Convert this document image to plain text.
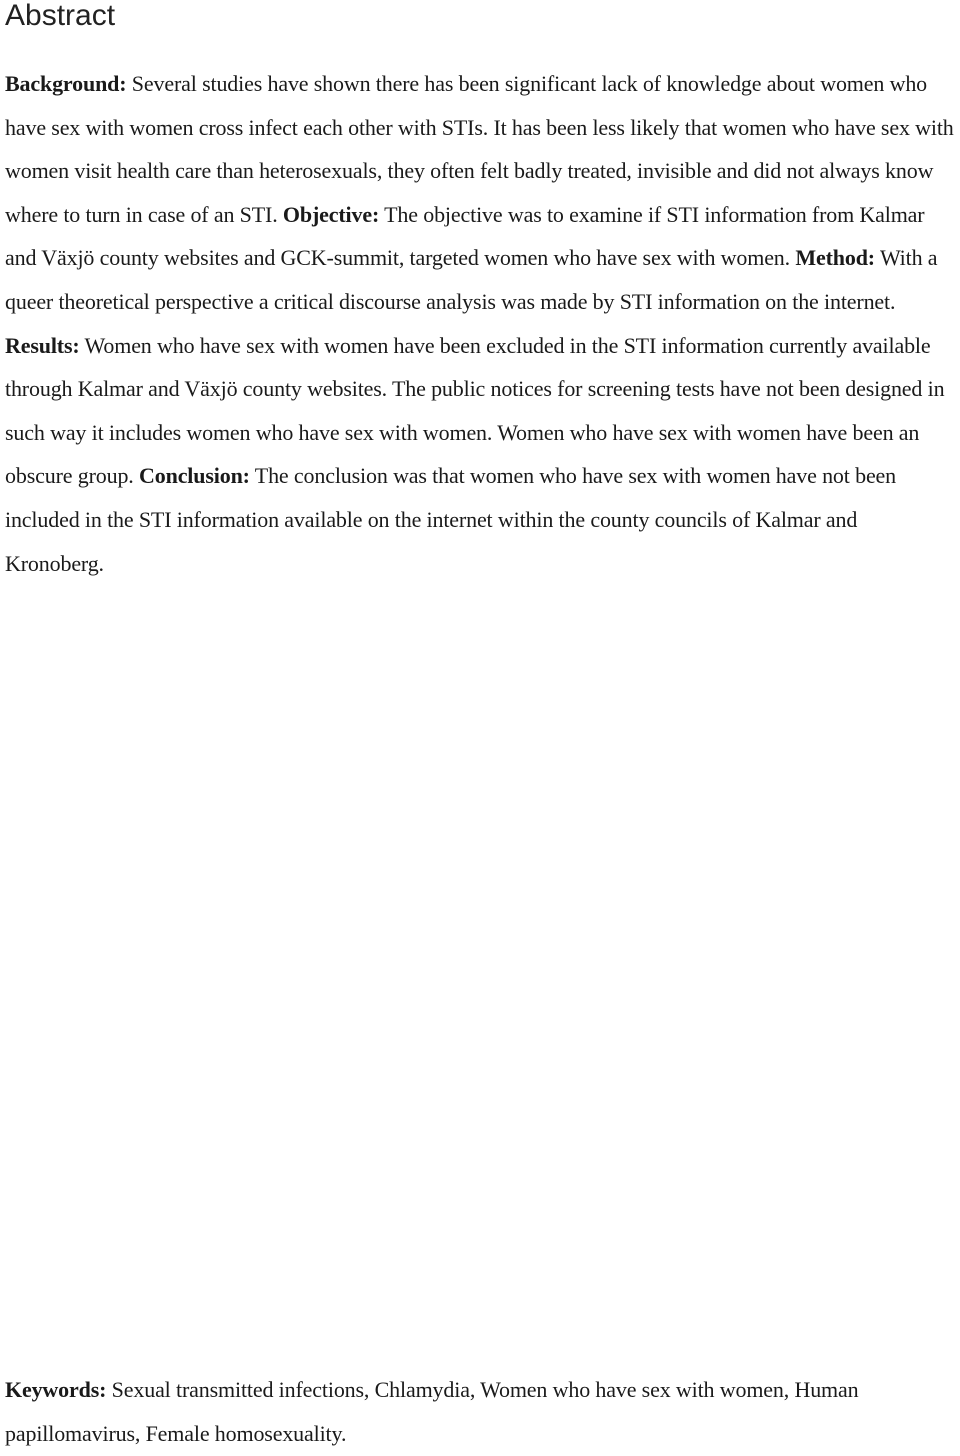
Abstract

Background: Several studies have shown there has been significant lack of knowledge about women who have sex with women cross infect each other with STIs. It has been less likely that women who have sex with women visit health care than heterosexuals, they often felt badly treated, invisible and did not always know where to turn in case of an STI. Objective: The objective was to examine if STI information from Kalmar and Växjö county websites and GCK-summit, targeted women who have sex with women. Method: With a queer theoretical perspective a critical discourse analysis was made by STI information on the internet. Results: Women who have sex with women have been excluded in the STI information currently available through Kalmar and Växjö county websites. The public notices for screening tests have not been designed in such way it includes women who have sex with women. Women who have sex with women have been an obscure group. Conclusion: The conclusion was that women who have sex with women have not been included in the STI information available on the internet within the county councils of Kalmar and Kronoberg.

Keywords: Sexual transmitted infections, Chlamydia, Women who have sex with women, Human papillomavirus, Female homosexuality.
